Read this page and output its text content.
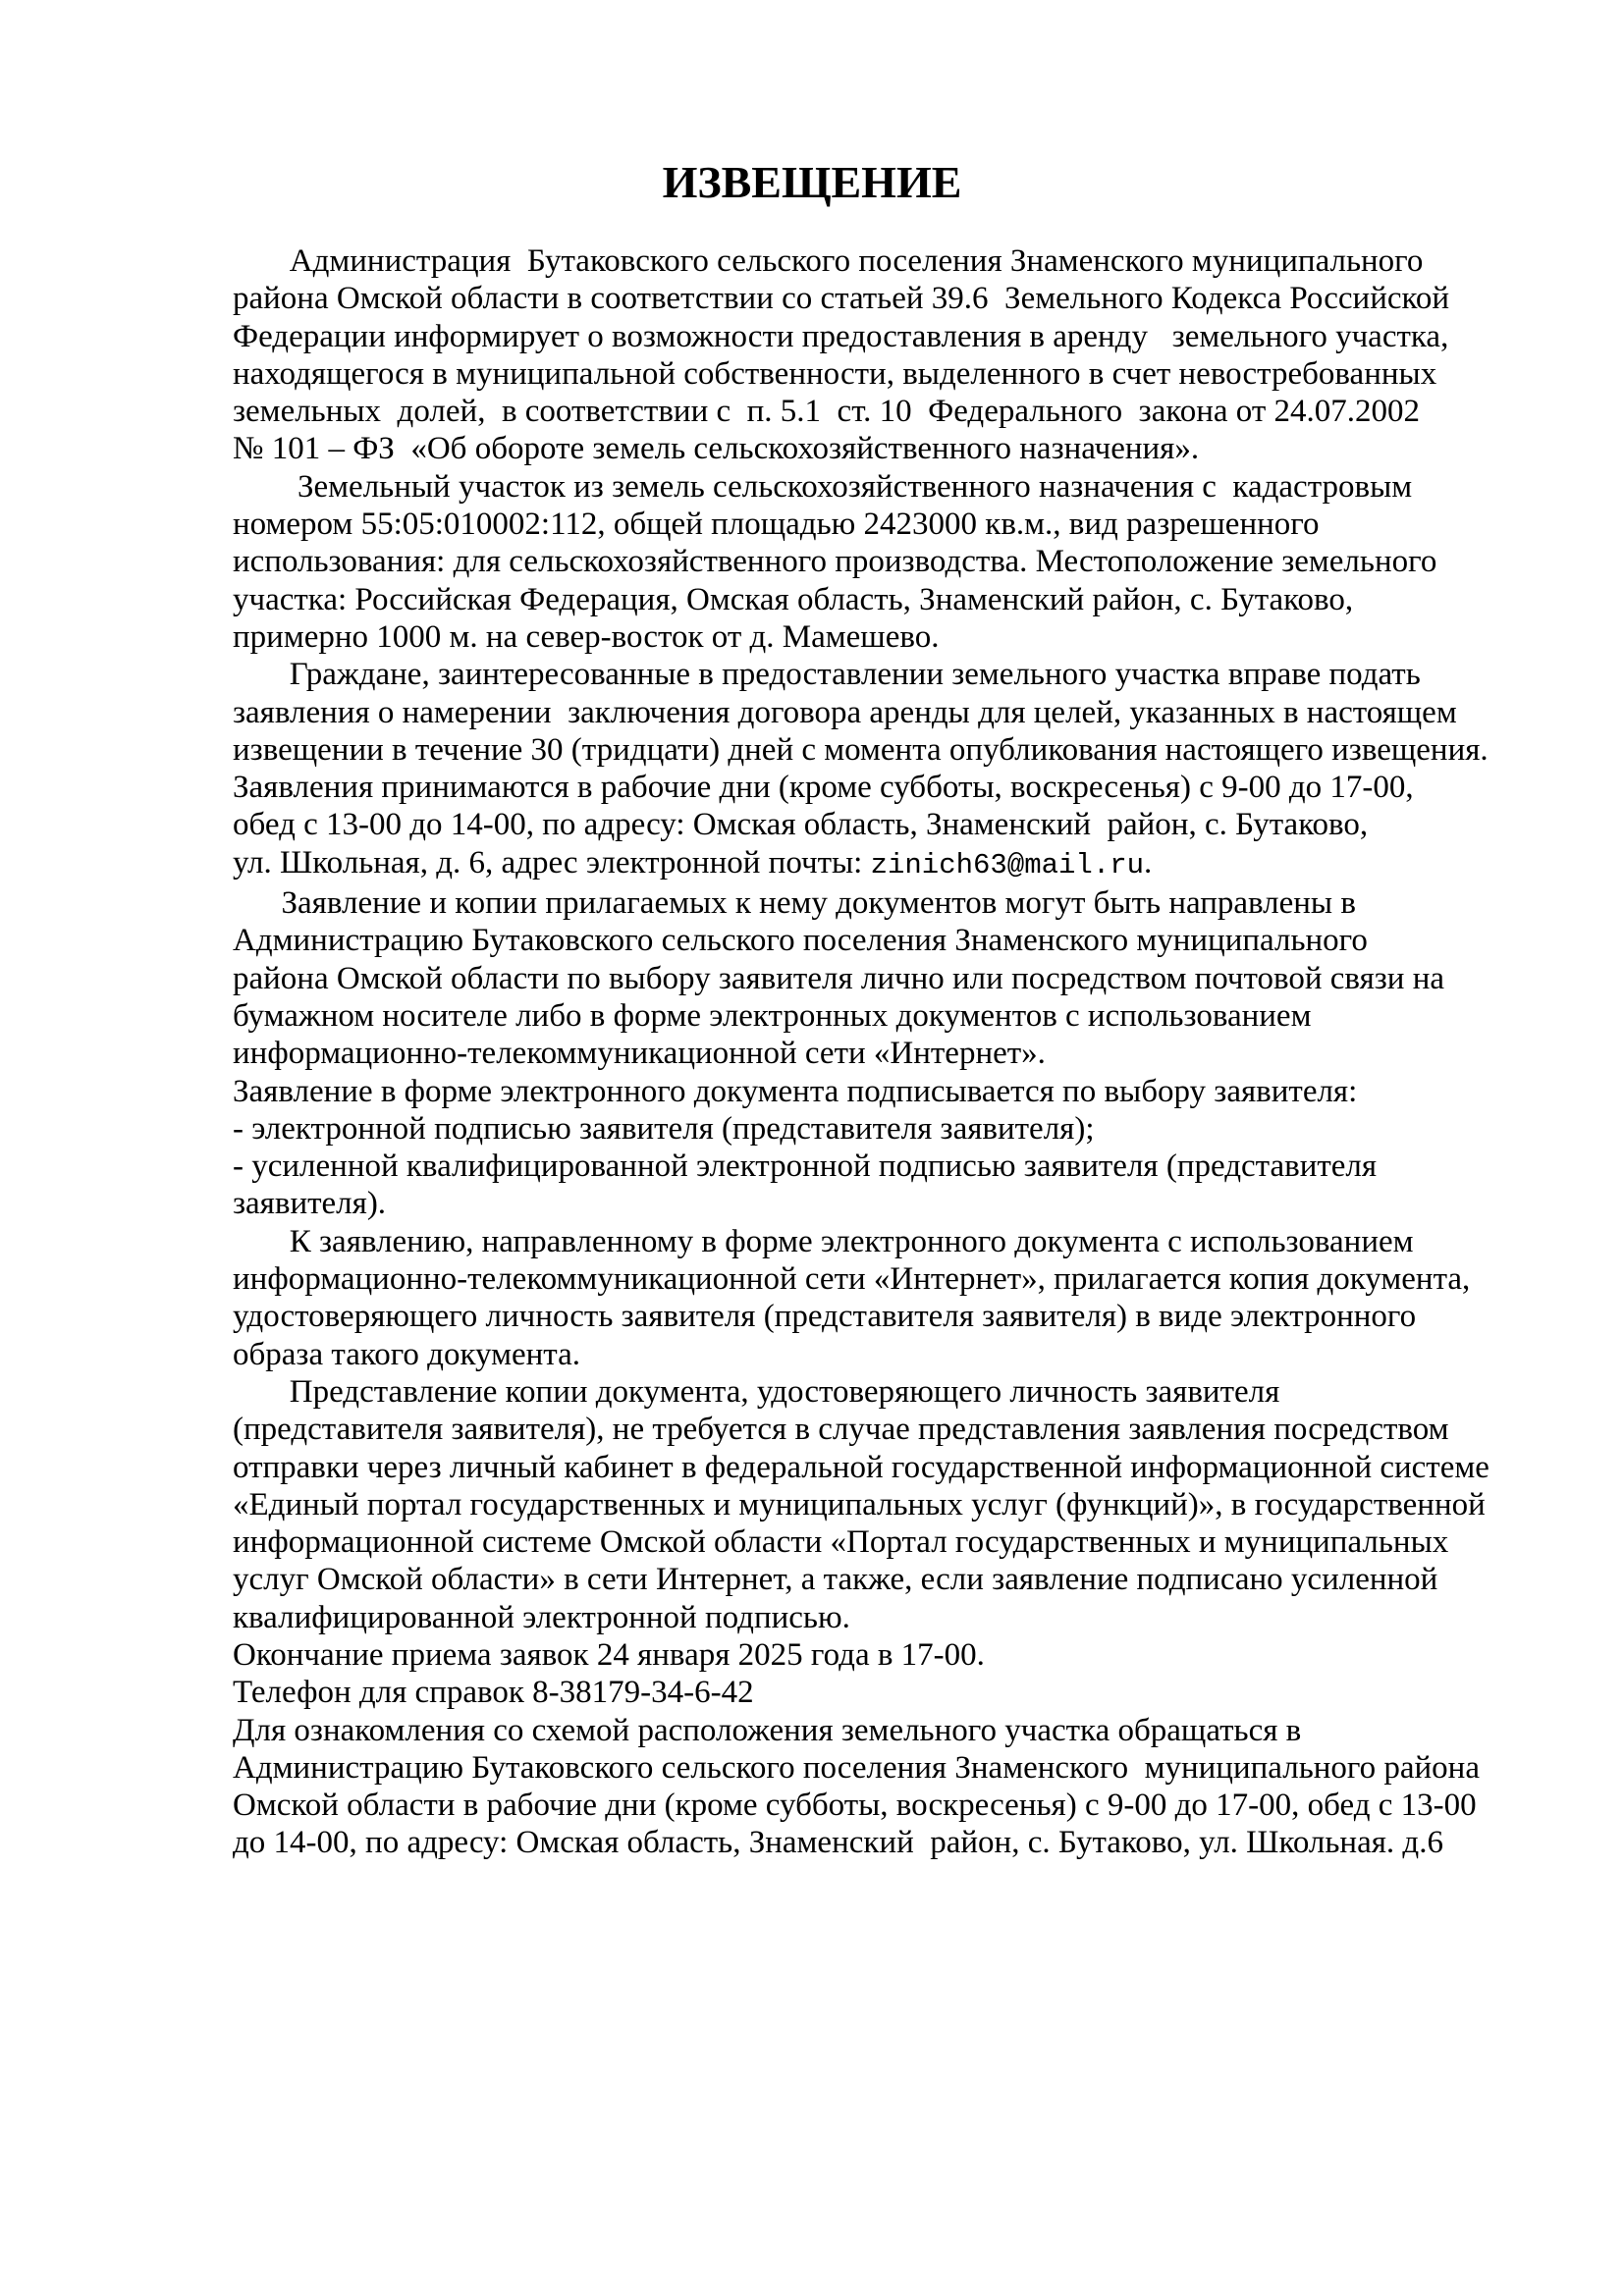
ИЗВЕЩЕНИЕ

Администрация  Бутаковского сельского поселения Знаменского муниципального

района Омской области в соответствии со статьей 39.6  Земельного Кодекса Российской

Федерации информирует о возможности предоставления в аренду   земельного участка,

находящегося в муниципальной собственности, выделенного в счет невостребованных

земельных  долей,  в соответствии с  п. 5.1  ст. 10  Федерального  закона от 24.07.2002

№ 101 – ФЗ  «Об обороте земель сельскохозяйственного назначения».

Земельный участок из земель сельскохозяйственного назначения с  кадастровым

номером 55:05:010002:112, общей площадью 2423000 кв.м., вид разрешенного

использования: для сельскохозяйственного производства. Местоположение земельного

участка: Российская Федерация, Омская область, Знаменский район, с. Бутаково,

примерно 1000 м. на север-восток от д. Мамешево.

Граждане, заинтересованные в предоставлении земельного участка вправе подать

заявления о намерении  заключения договора аренды для целей, указанных в настоящем

извещении в течение 30 (тридцати) дней с момента опубликования настоящего извещения.

Заявления принимаются в рабочие дни (кроме субботы, воскресенья) с 9-00 до 17-00,

обед с 13-00 до 14-00, по адресу: Омская область, Знаменский  район, с. Бутаково,

ул. Школьная, д. 6, адрес электронной почты: zinich63@mail.ru.

Заявление и копии прилагаемых к нему документов могут быть направлены в

Администрацию Бутаковского сельского поселения Знаменского муниципального

района Омской области по выбору заявителя лично или посредством почтовой связи на

бумажном носителе либо в форме электронных документов с использованием

информационно-телекоммуникационной сети «Интернет».

Заявление в форме электронного документа подписывается по выбору заявителя:

- электронной подписью заявителя (представителя заявителя);

- усиленной квалифицированной электронной подписью заявителя (представителя

заявителя).

К заявлению, направленному в форме электронного документа с использованием

информационно-телекоммуникационной сети «Интернет», прилагается копия документа,

удостоверяющего личность заявителя (представителя заявителя) в виде электронного

образа такого документа.

Представление копии документа, удостоверяющего личность заявителя

(представителя заявителя), не требуется в случае представления заявления посредством

отправки через личный кабинет в федеральной государственной информационной системе

«Единый портал государственных и муниципальных услуг (функций)», в государственной

информационной системе Омской области «Портал государственных и муниципальных

услуг Омской области» в сети Интернет, а также, если заявление подписано усиленной

квалифицированной электронной подписью.

Окончание приема заявок 24 января 2025 года в 17-00.

Телефон для справок 8-38179-34-6-42

Для ознакомления со схемой расположения земельного участка обращаться в

Администрацию Бутаковского сельского поселения Знаменского  муниципального района

Омской области в рабочие дни (кроме субботы, воскресенья) с 9-00 до 17-00, обед с 13-00

до 14-00, по адресу: Омская область, Знаменский  район, с. Бутаково, ул. Школьная. д.6
